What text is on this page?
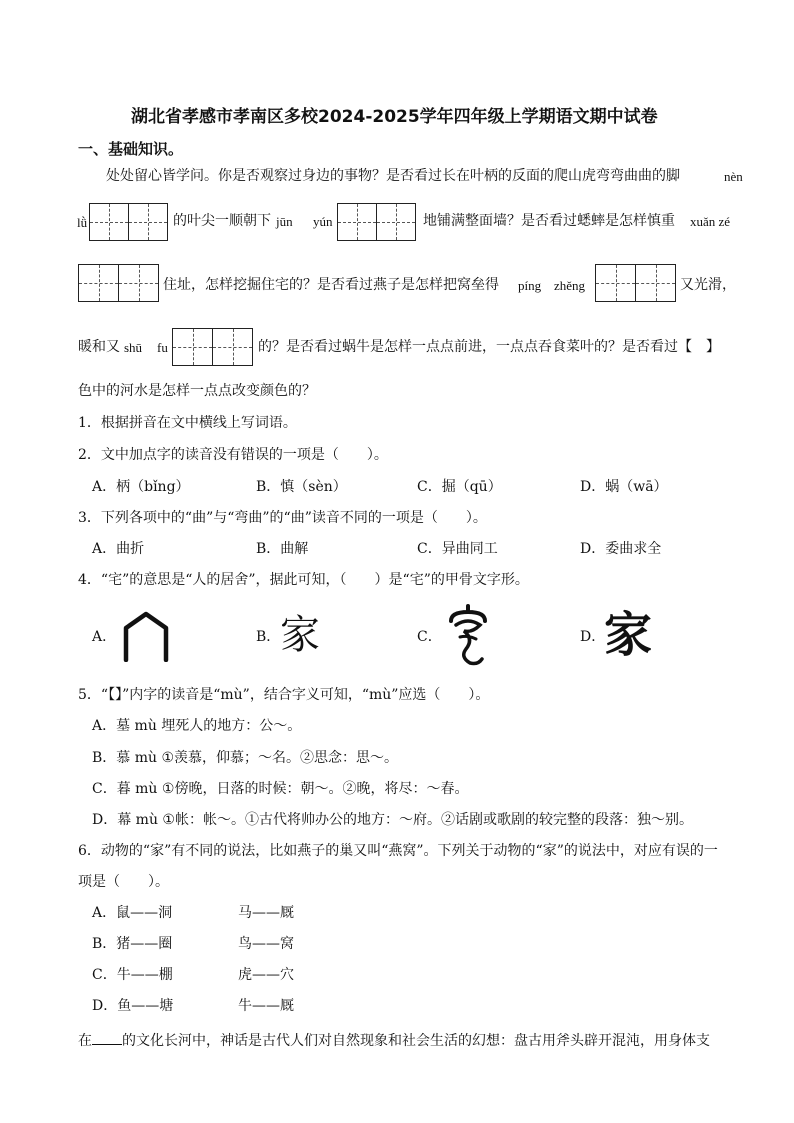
湖北省孝感市孝南区多校2024-2025学年四年级上学期语文期中试卷
一、基础知识。
处处留心皆学问。你是否观察过身边的事物？是否看过长在叶柄的反面的爬山虎弯弯曲曲的脚	nèn
lǜ	的叶尖一顺朝下 jūn yún	地铺满整面墙？是否看过蟋蟀是怎样慎重 xuǎn zé
住址，怎样挖掘住宅的？是否看过燕子是怎样把窝垒得 píng zhěng	又光滑，
暖和又 shū fu	的？是否看过蜗牛是怎样一点点前进，一点点吞食菜叶的？是否看过【　】
色中的河水是怎样一点点改变颜色的？
1．根据拼音在文中横线上写词语。
2．文中加点字的读音没有错误的一项是（　　）。
A．柄（bǐng）	B．慎（sèn）	C．掘（qū）	D．蜗（wā）
3．下列各项中的“曲”与“弯曲”的“曲”读音不同的一项是（　　）。
A．曲折	B．曲解	C．异曲同工	D．委曲求全
4．“宅”的意思是“人的居舍”，据此可知，（　　）是“宅”的甲骨文字形。
A．	B． 家	C．	D．
家
5．“【】”内字的读音是“mù”，结合字义可知，“mù”应选（　　）。
A．墓 mù 埋死人的地方：公～。
B．慕 mù ①羡慕，仰慕；～名。②思念：思～。
C．暮 mù ①傍晚，日落的时候：朝～。②晚，将尽：～春。
D．幕 mù ①帐：帐～。①古代将帅办公的地方：～府。②话剧或歌剧的较完整的段落：独～别。
6．动物的“家”有不同的说法，比如燕子的巢又叫“燕窝”。下列关于动物的“家”的说法中，对应有误的一
项是（　　）。
A．鼠——洞	马——厩
B．猪——圈	鸟——窝
C．牛——棚	虎——穴
D．鱼——塘	牛——厩
在 的文化长河中，神话是古代人们对自然现象和社会生活的幻想：盘古用斧头辟开混沌，用身体支
